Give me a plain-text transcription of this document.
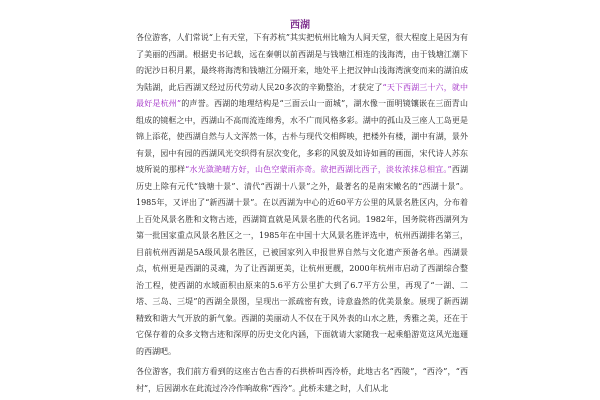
西湖

各位游客，人们常说“上有天堂，下有苏杭”其实把杭州比喻为人间天堂，很大程度上是因为有了美丽的西湖。根据史书记载，远在秦朝以前西湖是与钱塘江相连的浅海湾，由于钱塘江潮下的泥沙日积月累，最终将海湾和钱塘江分隔开来，地处平上把汉钟山浅海湾演变而来的湖泊成为陆湖，此后西湖又经过历代劳动人民20多次的辛勤整治，才获定了“天下西湖三十六，就中最好是杭州”的声誉。西湖的地理结构是“三面云山一面城”，湖水像一面明镜镶嵌在三面青山组成的镜框之中，西湖山不高而流连绵秀，水不广而风格多彩。湖中的孤山及三座人工岛更是锦上添花，使西湖自然与人文浑然一体，古朴与现代交相辉映，把楼外有楼，湖中有湖，景外有景，园中有园的西湖风光交织得有层次变化，多彩的风貌及如诗如画的画面，宋代诗人苏东坡所说的那样“水光潋滟晴方好，山色空蒙雨亦奇。欲把西湖比西子，淡妆浓抹总相宜。”西湖历史上除有元代“钱塘十景”、清代“西湖十八景”之外，最著名的是南宋嫩名的“西湖十景”。1985年，又评出了“新西湖十景”。在以西湖为中心的近60平方公里的风景名胜区内，分布着上百处风景名胜和文物古迹，西湖简直就是风景名胜的代名词。1982年，国务院将西湖列为第一批国家重点风景名胜区之一，1985年在中国十大风景名胜评选中，杭州西湖排名第三，目前杭州西湖是5A级风景名胜区，已被国家列入申报世界自然与文化遗产预备名单。西湖景点，杭州更是西湖的灵魂，为了让西湖更美，让杭州更靓，2000年杭州市启动了西湖综合整治工程，使西湖的水域面积由原来的5.6平方公里扩大到了6.7平方公里，再现了“一湖、二塔、三岛、三堤”的西湖全景图，呈现出一派疏密有致，诗意盎然的优美景象。展现了新西湖精致和谐大气开放的新气象。西湖的美丽动人不仅在于风外表的山水之胜，秀雅之美，还在于它保存着的众多文物古迹和深厚的历史文化内涵，下面就请大家随我一起乘船游览这风光迤逦的西湖吧。

各位游客，我们前方看到的这座古色古香的石拱桥叫西泠桥，此地古名“西陵”，“西泠”，“西村”，后因湖水在此流过冷冷作响故称“西泠”。此桥未建之时，人们从北

1
